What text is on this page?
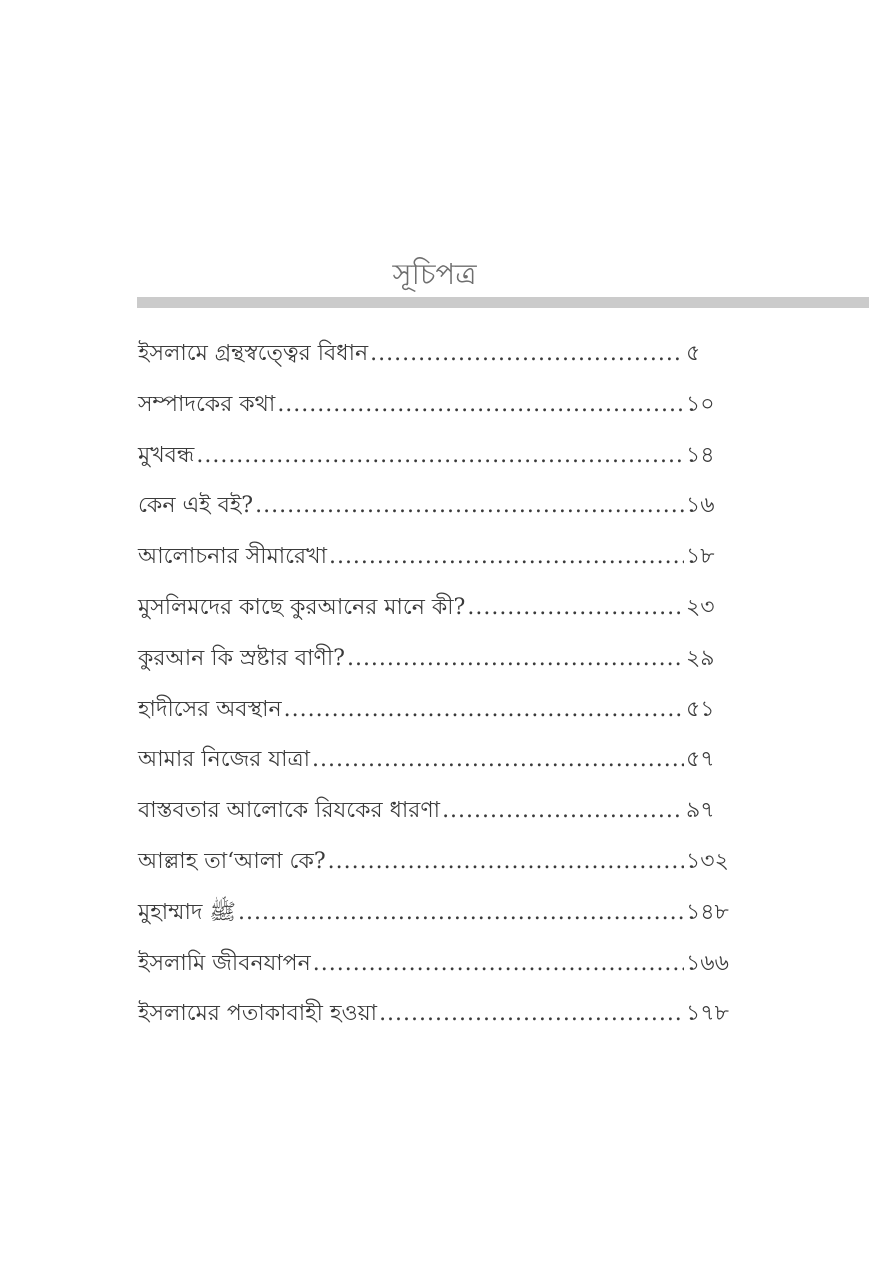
সূচিপত্র
ইসলামে গ্রন্থস্বত্ত্বের বিধান .....	৫
সম্পাদকের কথা .....	১০
মুখবন্ধ .....	১৪
কেন এই বই? .....	১৬
আলোচনার সীমারেখা .....	১৮
মুসলিমদের কাছে কুরআনের মানে কী? .....	২৩
কুরআন কি স্রষ্টার বাণী? .....	২৯
হাদীসের অবস্থান .....	৫১
আমার নিজের যাত্রা .....	৫৭
বাস্তবতার আলোকে রিযকের ধারণা .....	৯৭
আল্লাহ তা‘আলা কে? .....	১৩২
মুহাম্মাদ ﷺ .....	১৪৮
ইসলামি জীবনযাপন .....	১৬৬
ইসলামের পতাকাবাহী হওয়া .....	১৭৮
